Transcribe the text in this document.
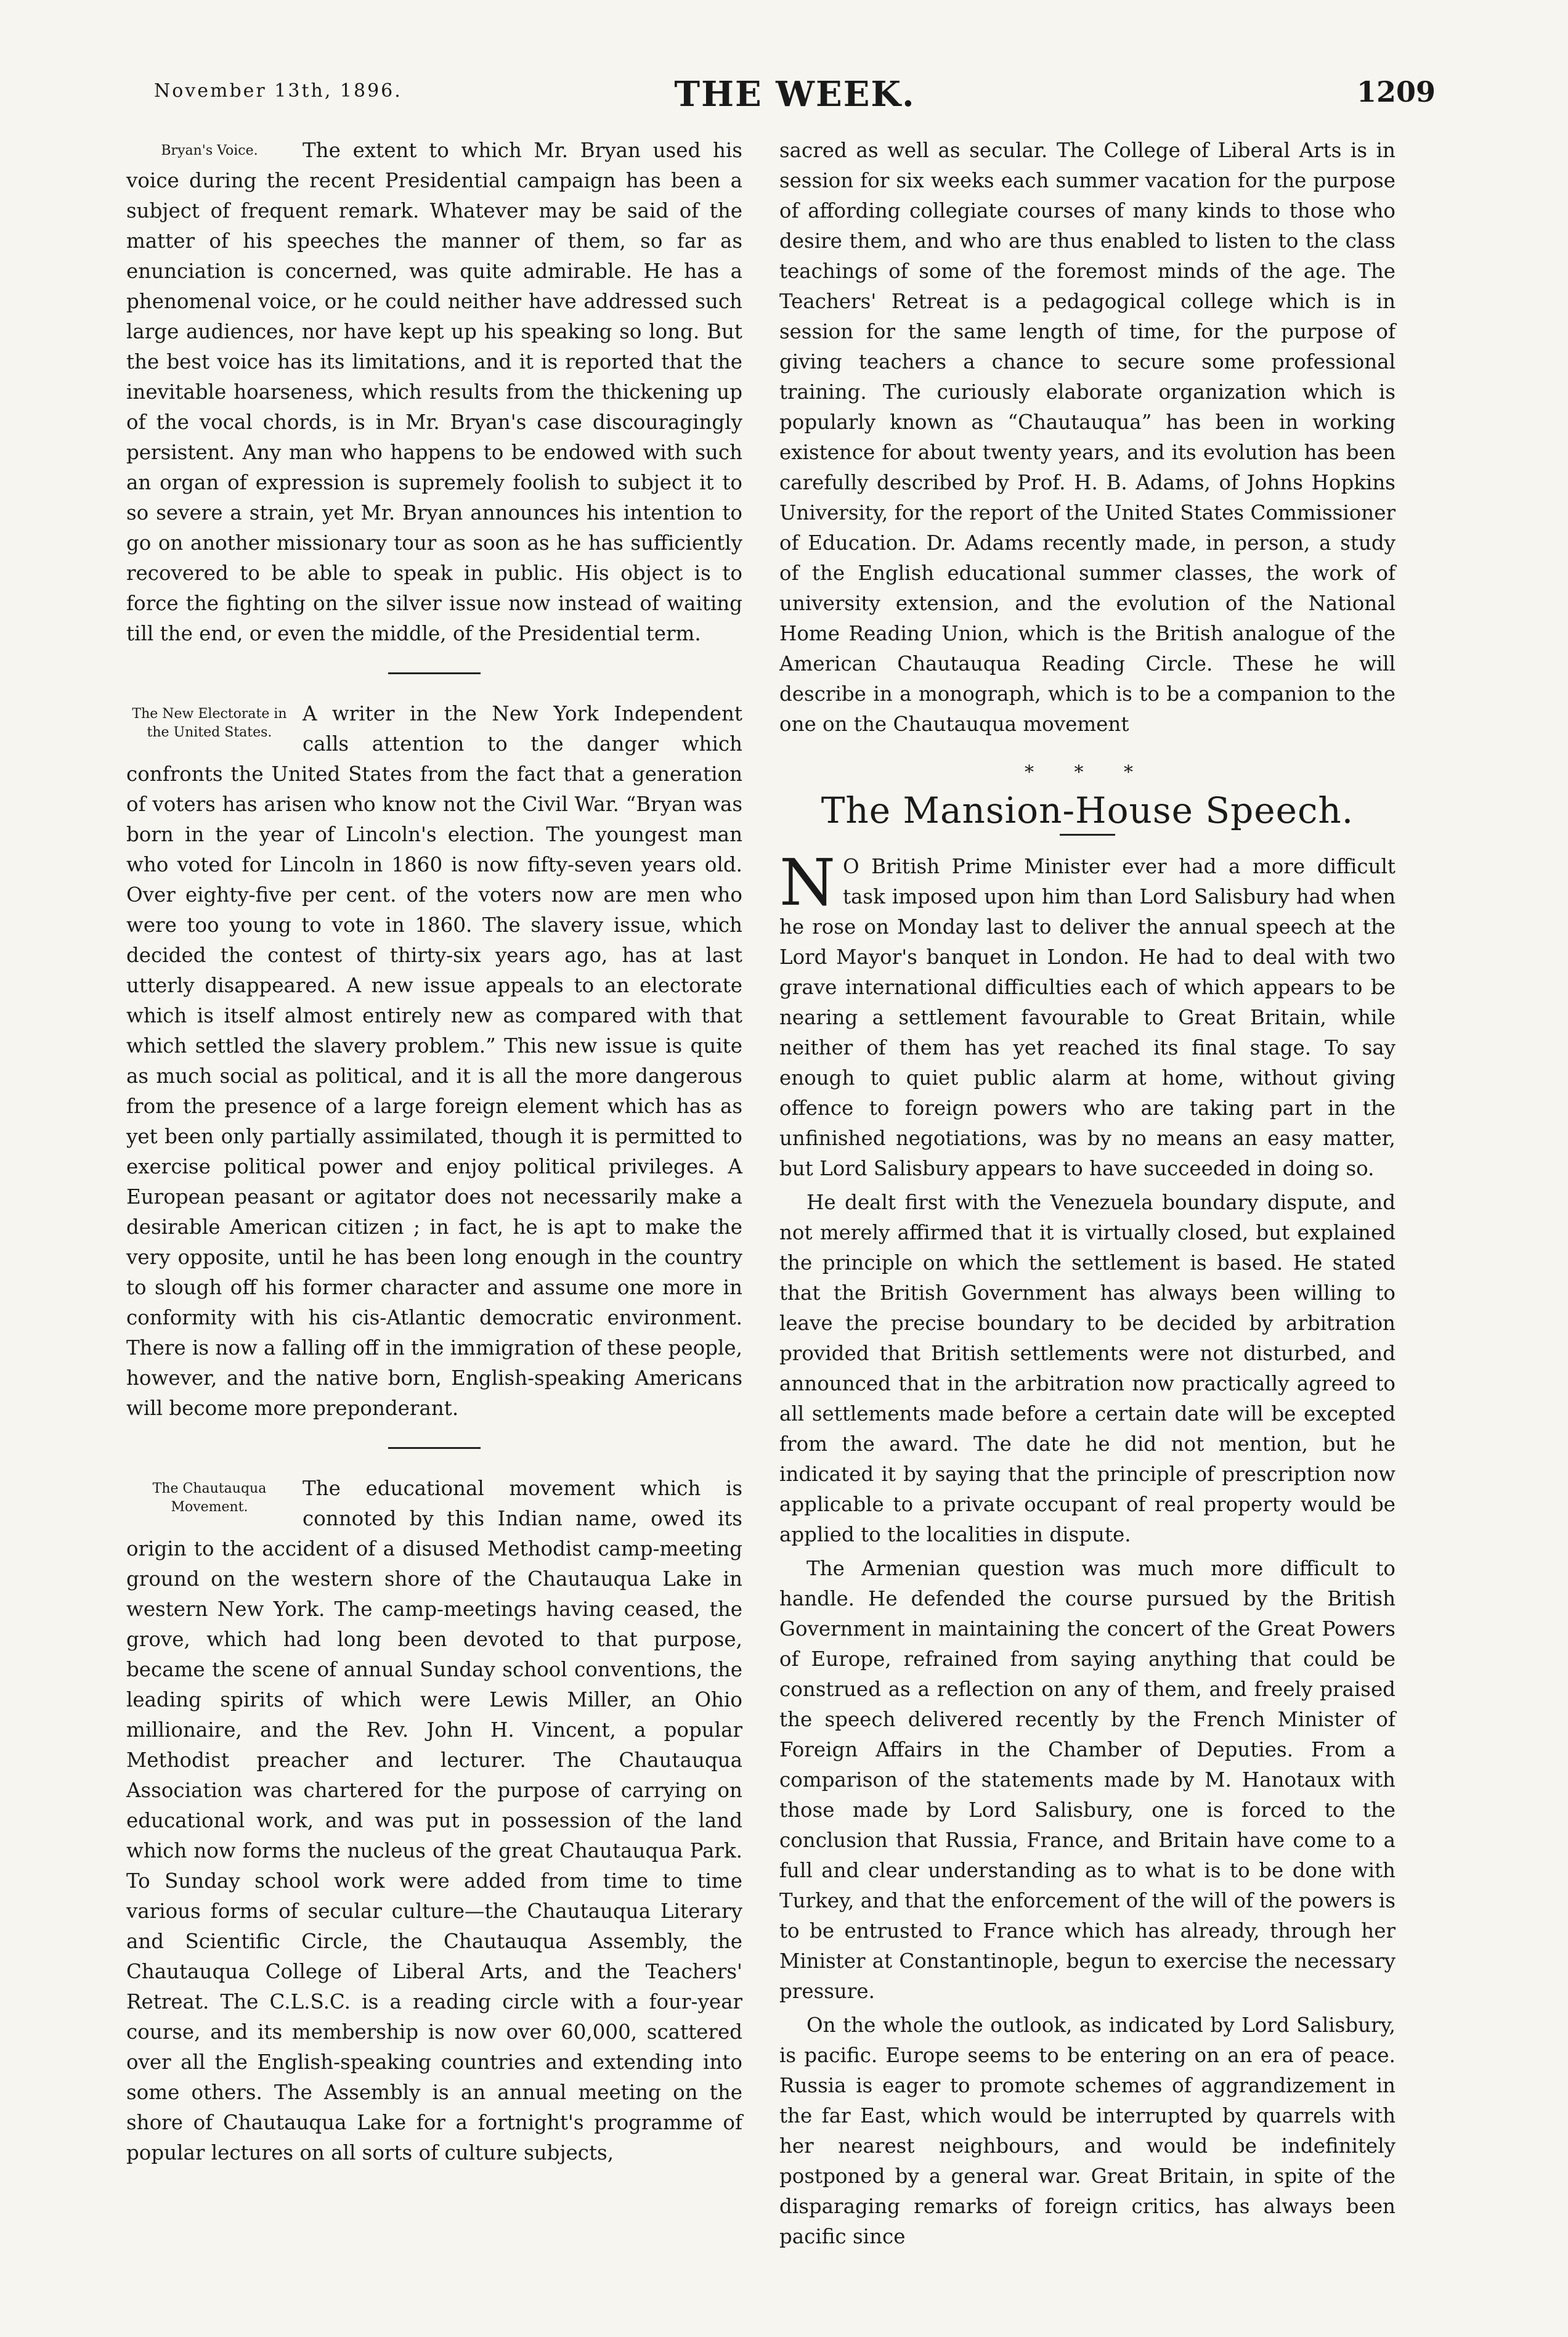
November 13th, 1896.	THE WEEK.	1209
Bryan's Voice.	The extent to which Mr. Bryan used his voice during the recent Presidential campaign has been a subject of frequent remark. Whatever may be said of the matter of his speeches the manner of them, so far as enunciation is concerned, was quite admirable. He has a phenomenal voice, or he could neither have addressed such large audiences, nor have kept up his speaking so long. But the best voice has its limitations, and it is reported that the inevitable hoarseness, which results from the thickening up of the vocal chords, is in Mr. Bryan's case discouragingly persistent. Any man who happens to be endowed with such an organ of expression is supremely foolish to subject it to so severe a strain, yet Mr. Bryan announces his intention to go on another missionary tour as soon as he has sufficiently recovered to be able to speak in public. His object is to force the fighting on the silver issue now instead of waiting till the end, or even the middle, of the Presidential term.

The New Electorate in the United States.

A writer in the New York Independent calls attention to the danger which confronts the United States from the fact that a generation of voters has arisen who know not the Civil War. “Bryan was born in the year of Lincoln's election. The youngest man who voted for Lincoln in 1860 is now fifty-seven years old. Over eighty-five per cent. of the voters now are men who were too young to vote in 1860. The slavery issue, which decided the contest of thirty-six years ago, has at last utterly disappeared. A new issue appeals to an electorate which is itself almost entirely new as compared with that which settled the slavery problem.” This new issue is quite as much social as political, and it is all the more dangerous from the presence of a large foreign element which has as yet been only partially assimilated, though it is permitted to exercise political power and enjoy political privileges. A European peasant or agitator does not necessarily make a desirable American citizen ; in fact, he is apt to make the very opposite, until he has been long enough in the country to slough off his former character and assume one more in conformity with his cis-Atlantic democratic environment. There is now a falling off in the immigration of these people, however, and the native born, English-speaking Americans will become more preponderant.

The Chautauqua Movement.

The educational movement which is connoted by this Indian name, owed its origin to the accident of a disused Methodist camp-meeting ground on the western shore of the Chautauqua Lake in western New York. The camp-meetings having ceased, the grove, which had long been devoted to that purpose, became the scene of annual Sunday school conventions, the leading spirits of which were Lewis Miller, an Ohio millionaire, and the Rev. John H. Vincent, a popular Methodist preacher and lecturer. The Chautauqua Association was chartered for the purpose of carrying on educational work, and was put in possession of the land which now forms the nucleus of the great Chautauqua Park. To Sunday school work were added from time to time various forms of secular culture—the Chautauqua Literary and Scientific Circle, the Chautauqua Assembly, the Chautauqua College of Liberal Arts, and the Teachers' Retreat. The C.L.S.C. is a reading circle with a four-year course, and its membership is now over 60,000, scattered over all the English-speaking countries and extending into some others. The Assembly is an annual meeting on the shore of Chautauqua Lake for a fortnight's programme of popular lectures on all sorts of culture subjects,

sacred as well as secular. The College of Liberal Arts is in session for six weeks each summer vacation for the purpose of affording collegiate courses of many kinds to those who desire them, and who are thus enabled to listen to the class teachings of some of the foremost minds of the age. The Teachers' Retreat is a pedagogical college which is in session for the same length of time, for the purpose of giving teachers a chance to secure some professional training. The curiously elaborate organization which is popularly known as “Chautauqua” has been in working existence for about twenty years, and its evolution has been carefully described by Prof. H. B. Adams, of Johns Hopkins University, for the report of the United States Commissioner of Education. Dr. Adams recently made, in person, a study of the English educational summer classes, the work of university extension, and the evolution of the National Home Reading Union, which is the British analogue of the American Chautauqua Reading Circle. These he will describe in a monograph, which is to be a companion to the one on the Chautauqua movement

* * *
The Mansion-House Speech.

N O British Prime Minister ever had a more difficult task imposed upon him than Lord Salisbury had when he rose on Monday last to deliver the annual speech at the Lord Mayor's banquet in London. He had to deal with two grave international difficulties each of which appears to be nearing a settlement favourable to Great Britain, while neither of them has yet reached its final stage. To say enough to quiet public alarm at home, without giving offence to foreign powers who are taking part in the unfinished negotiations, was by no means an easy matter, but Lord Salisbury appears to have succeeded in doing so.

He dealt first with the Venezuela boundary dispute, and not merely affirmed that it is virtually closed, but explained the principle on which the settlement is based. He stated that the British Government has always been willing to leave the precise boundary to be decided by arbitration provided that British settlements were not disturbed, and announced that in the arbitration now practically agreed to all settlements made before a certain date will be excepted from the award. The date he did not mention, but he indicated it by saying that the principle of prescription now applicable to a private occupant of real property would be applied to the localities in dispute.

The Armenian question was much more difficult to handle. He defended the course pursued by the British Government in maintaining the concert of the Great Powers of Europe, refrained from saying anything that could be construed as a reflection on any of them, and freely praised the speech delivered recently by the French Minister of Foreign Affairs in the Chamber of Deputies. From a comparison of the statements made by M. Hanotaux with those made by Lord Salisbury, one is forced to the conclusion that Russia, France, and Britain have come to a full and clear understanding as to what is to be done with Turkey, and that the enforcement of the will of the powers is to be entrusted to France which has already, through her Minister at Constantinople, begun to exercise the necessary pressure.

On the whole the outlook, as indicated by Lord Salisbury, is pacific. Europe seems to be entering on an era of peace. Russia is eager to promote schemes of aggrandizement in the far East, which would be interrupted by quarrels with her nearest neighbours, and would be indefinitely postponed by a general war. Great Britain, in spite of the disparaging remarks of foreign critics, has always been pacific since
